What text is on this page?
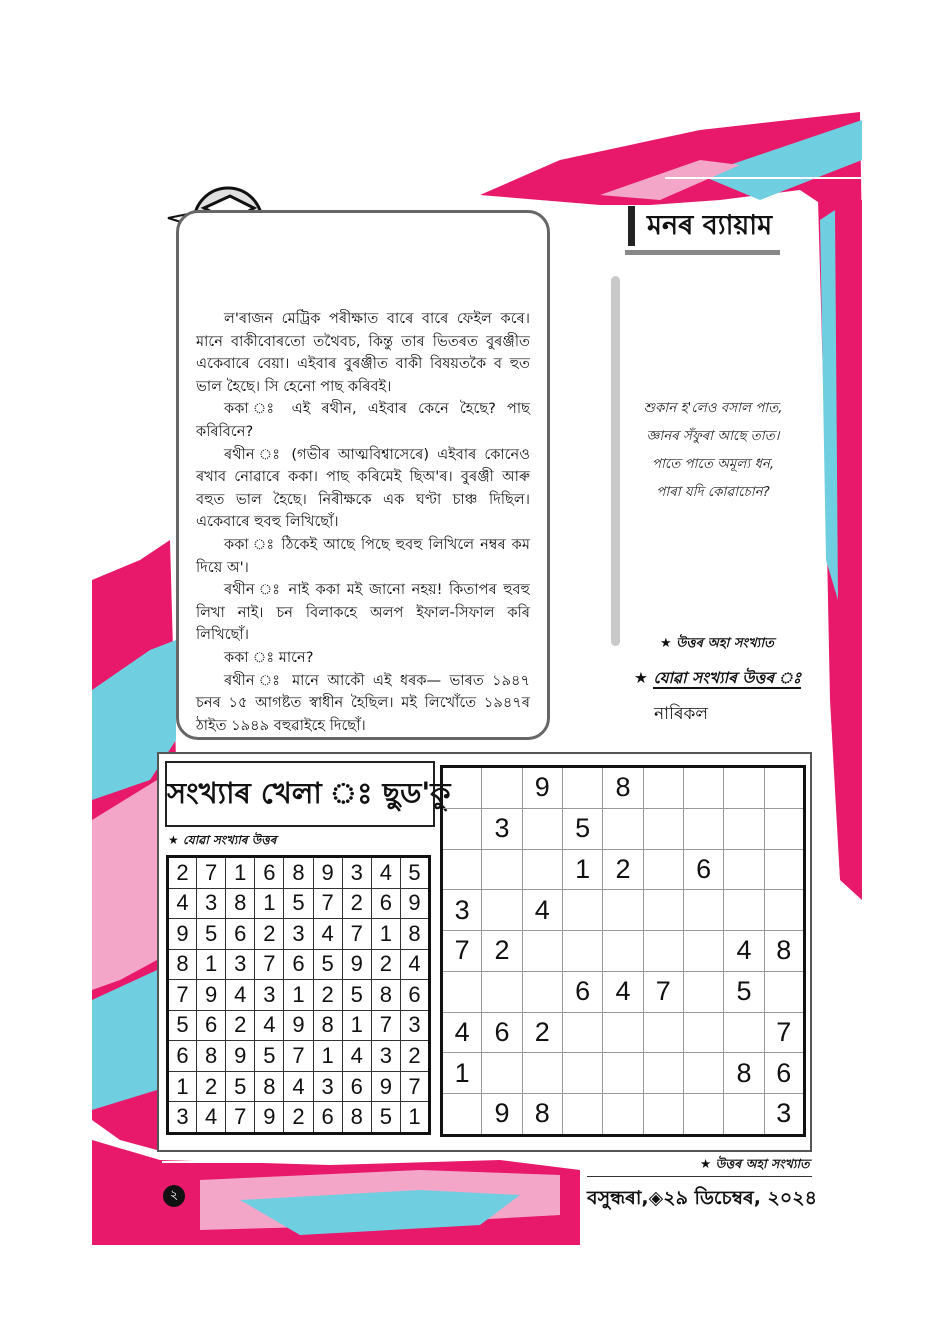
ল'ৰাজন মেট্ৰিক পৰীক্ষাত বাৰে বাৰে ফেইল কৰে। মানে বাকীবোৰতো তথৈবচ, কিন্তু তাৰ ভিতৰত বুৰঞ্জীত একেবাৰে বেয়া। এইবাৰ বুৰঞ্জীত বাকী বিষয়তকৈ ব হুত ভাল হৈছে। সি হেনো পাছ কৰিবই।

ককা ঃ এই ৰথীন, এইবাৰ কেনে হৈছে? পাছ কৰিবিনে?

ৰথীন ঃ (গভীৰ আত্মবিশ্বাসেৰে) এইবাৰ কোনেও ৰখাব নোৱাৰে ককা। পাছ কৰিমেই ছিঅ'ৰ। বুৰঞ্জী আৰু বহুত ভাল হৈছে। নিৰীক্ষকে এক ঘণ্টা চাঞ্চ দিছিল। একেবাৰে হুবহু লিখিছোঁ।

ককা ঃ ঠিকেই আছে পিছে হুবহু লিখিলে নম্বৰ কম দিয়ে অ'।

ৰথীন ঃ নাই ককা মই জানো নহয়! কিতাপৰ হুবহু লিখা নাই। চন বিলাকহে অলপ ইফাল-সিফাল কৰি লিখিছোঁ।

ককা ঃ মানে?

ৰথীন ঃ মানে আকৌ এই ধৰক— ভাৰত ১৯৪৭ চনৰ ১৫ আগষ্টত স্বাধীন হৈছিল। মই লিখোঁতে ১৯৪৭ৰ ঠাইত ১৯৪৯ বহুৱাইহে দিছোঁ।

মনৰ ব্যায়াম
শুকান হ'লেও বসাল পাত,
জ্ঞানৰ সঁফুৰা আছে তাত।
পাতে পাতে অমূল্য ধন,
পাৰা যদি কোৱাচোন?
★ উত্তৰ অহা সংখ্যাত
★ যোৱা সংখ্যাৰ উত্তৰ ঃ
নাৰিকল
সংখ্যাৰ খেলা ঃ ছুড'কু
★ যোৱা সংখ্যাৰ উত্তৰ
2	7	1	6	8	9	3	4	5
4	3	8	1	5	7	2	6	9
9	5	6	2	3	4	7	1	8
8	1	3	7	6	5	9	2	4
7	9	4	3	1	2	5	8	6
5	6	2	4	9	8	1	7	3
6	8	9	5	7	1	4	3	2
1	2	5	8	4	3	6	9	7
3	4	7	9	2	6	8	5	1
		9		8				
	3		5					
			1	2		6		
3		4						
7	2						4	8
			6	4	7		5	
4	6	2						7
1							8	6
	9	8						3
★ উত্তৰ অহা সংখ্যাত
২	বসুন্ধৰা,◈২৯ ডিচেম্বৰ, ২০২৪
